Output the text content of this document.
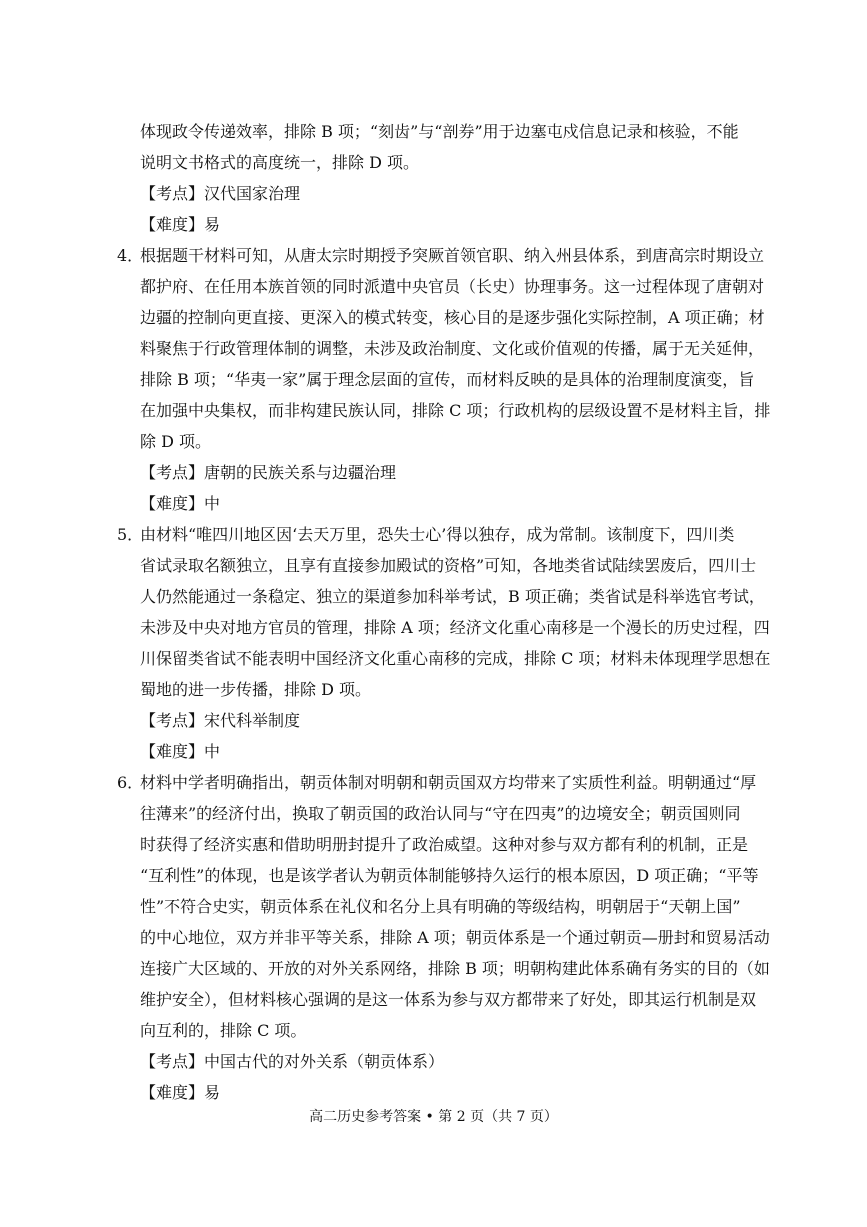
体现政令传递效率，排除 B 项；“刻齿”与“剖券”用于边塞屯戍信息记录和核验，不能
说明文书格式的高度统一，排除 D 项。
【考点】汉代国家治理
【难度】易
4．
根据题干材料可知，从唐太宗时期授予突厥首领官职、纳入州县体系，到唐高宗时期设立
都护府、在任用本族首领的同时派遣中央官员（长史）协理事务。这一过程体现了唐朝对
边疆的控制向更直接、更深入的模式转变，核心目的是逐步强化实际控制，A 项正确；材
料聚焦于行政管理体制的调整，未涉及政治制度、文化或价值观的传播，属于无关延伸，
排除 B 项；“华夷一家”属于理念层面的宣传，而材料反映的是具体的治理制度演变，旨
在加强中央集权，而非构建民族认同，排除 C 项；行政机构的层级设置不是材料主旨，排
除 D 项。
【考点】唐朝的民族关系与边疆治理
【难度】中
5．
由材料“唯四川地区因‘去天万里，恐失士心’得以独存，成为常制。该制度下，四川类
省试录取名额独立，且享有直接参加殿试的资格”可知，各地类省试陆续罢废后，四川士
人仍然能通过一条稳定、独立的渠道参加科举考试，B 项正确；类省试是科举选官考试，
未涉及中央对地方官员的管理，排除 A 项；经济文化重心南移是一个漫长的历史过程，四
川保留类省试不能表明中国经济文化重心南移的完成，排除 C 项；材料未体现理学思想在
蜀地的进一步传播，排除 D 项。
【考点】宋代科举制度
【难度】中
6．
材料中学者明确指出，朝贡体制对明朝和朝贡国双方均带来了实质性利益。明朝通过“厚
往薄来”的经济付出，换取了朝贡国的政治认同与“守在四夷”的边境安全；朝贡国则同
时获得了经济实惠和借助明册封提升了政治威望。这种对参与双方都有利的机制，正是
“互利性”的体现，也是该学者认为朝贡体制能够持久运行的根本原因，D 项正确；“平等
性”不符合史实，朝贡体系在礼仪和名分上具有明确的等级结构，明朝居于“天朝上国”
的中心地位，双方并非平等关系，排除 A 项；朝贡体系是一个通过朝贡—册封和贸易活动
连接广大区域的、开放的对外关系网络，排除 B 项；明朝构建此体系确有务实的目的（如
维护安全），但材料核心强调的是这一体系为参与双方都带来了好处，即其运行机制是双
向互利的，排除 C 项。
【考点】中国古代的对外关系（朝贡体系）
【难度】易
高二历史参考答案 • 第 2 页（共 7 页）
